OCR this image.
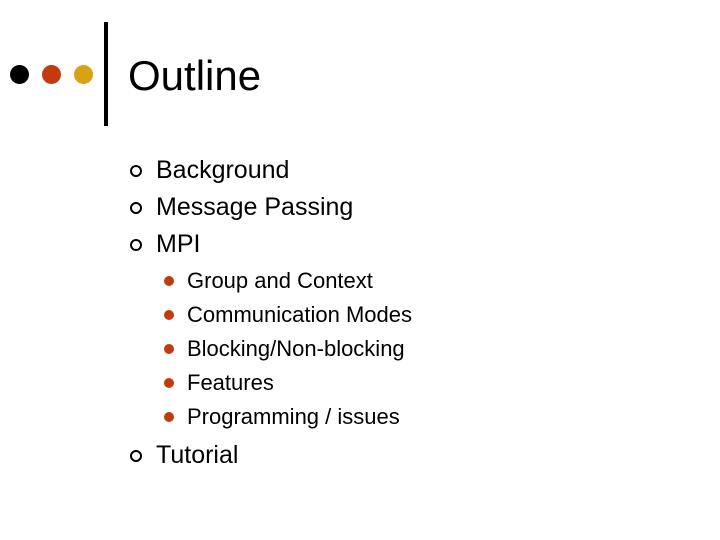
Outline
Background
Message Passing
MPI
Group and Context
Communication Modes
Blocking/Non-blocking
Features
Programming / issues
Tutorial
